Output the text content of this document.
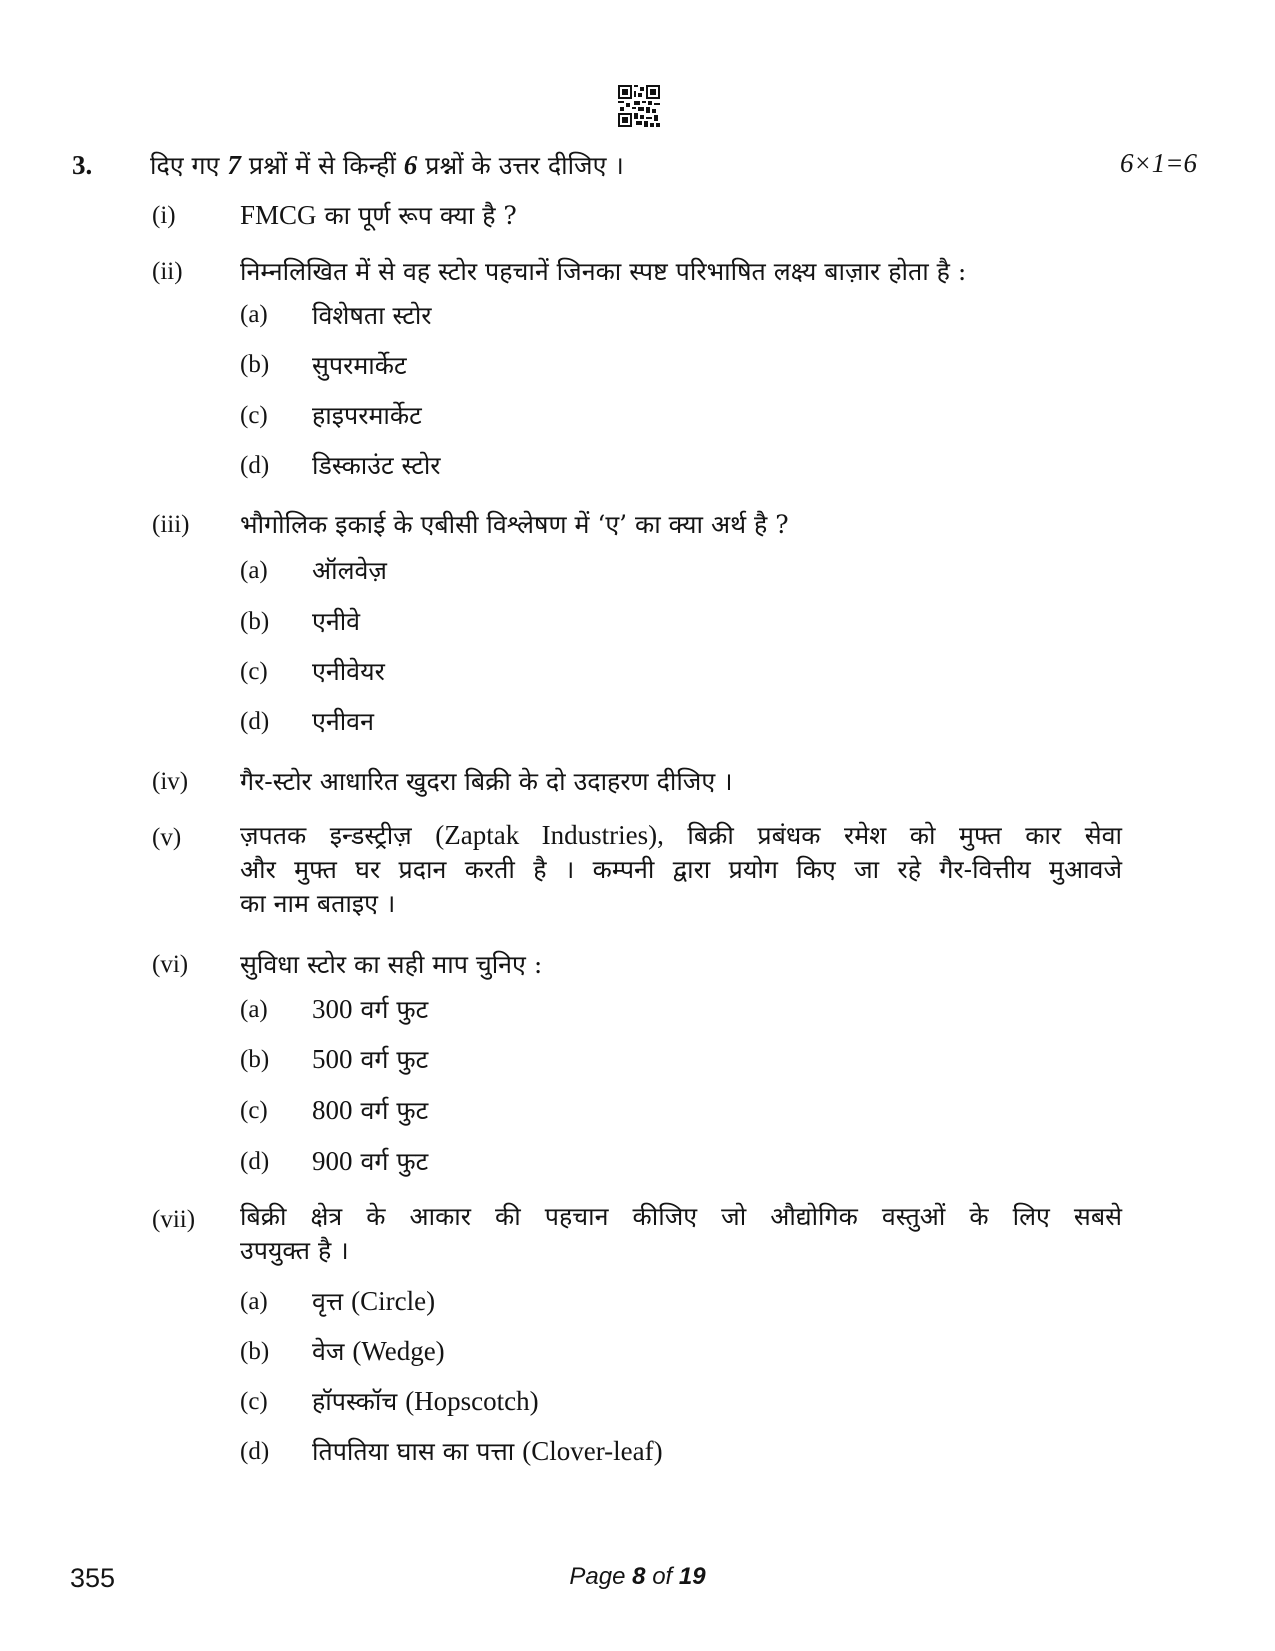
3. दिए गए 7 प्रश्नों में से किन्हीं 6 प्रश्नों के उत्तर दीजिए ।	6×1=6
(i) FMCG का पूर्ण रूप क्या है ?
(ii) निम्नलिखित में से वह स्टोर पहचानें जिनका स्पष्ट परिभाषित लक्ष्य बाज़ार होता है :
(a) विशेषता स्टोर
(b) सुपरमार्केट
(c) हाइपरमार्केट
(d) डिस्काउंट स्टोर
(iii) भौगोलिक इकाई के एबीसी विश्लेषण में ‘ए’ का क्या अर्थ है ?
(a) ऑलवेज़
(b) एनीवे
(c) एनीवेयर
(d) एनीवन
(iv) गैर-स्टोर आधारित खुदरा बिक्री के दो उदाहरण दीजिए ।
(v) ज़पतक इन्डस्ट्रीज़ (Zaptak Industries), बिक्री प्रबंधक रमेश को मुफ्त कार सेवा
और मुफ्त घर प्रदान करती है । कम्पनी द्वारा प्रयोग किए जा रहे गैर-वित्तीय मुआवजे
का नाम बताइए ।
(vi) सुविधा स्टोर का सही माप चुनिए :
(a) 300 वर्ग फुट
(b) 500 वर्ग फुट
(c) 800 वर्ग फुट
(d) 900 वर्ग फुट
(vii) बिक्री क्षेत्र के आकार की पहचान कीजिए जो औद्योगिक वस्तुओं के लिए सबसे
उपयुक्त है ।
(a) वृत्त (Circle)
(b) वेज (Wedge)
(c) हॉपस्कॉच (Hopscotch)
(d) तिपतिया घास का पत्ता (Clover-leaf)
355	Page 8 of 19
